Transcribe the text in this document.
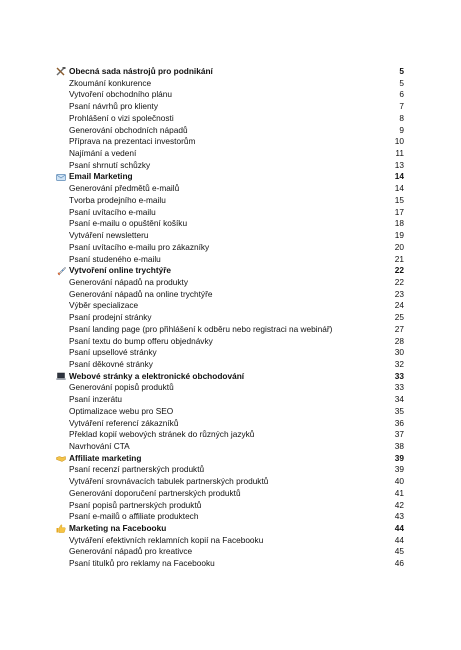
Obecná sada nástrojů pro podnikání	5
Zkoumání konkurence	5
Vytvoření obchodního plánu	6
Psaní návrhů pro klienty	7
Prohlášení o vizi společnosti	8
Generování obchodních nápadů	9
Příprava na prezentaci investorům	10
Najímání a vedení	11
Psaní shrnutí schůzky	13
Email Marketing	14
Generování předmětů e-mailů	14
Tvorba prodejního e-mailu	15
Psaní uvítacího e-mailu	17
Psaní e-mailu o opuštění košíku	18
Vytváření newsletteru	19
Psaní uvítacího e-mailu pro zákazníky	20
Psaní studeného e-mailu	21
Vytvoření online trychtýře	22
Generování nápadů na produkty	22
Generování nápadů na online trychtýře	23
Výběr specializace	24
Psaní prodejní stránky	25
Psaní landing page (pro přihlášení k odběru nebo registraci na webinář)	27
Psaní textu do bump offeru objednávky	28
Psaní upsellové stránky	30
Psaní děkovné stránky	32
Webové stránky a elektronické obchodování	33
Generování popisů produktů	33
Psaní inzerátu	34
Optimalizace webu pro SEO	35
Vytváření referencí zákazníků	36
Překlad kopií webových stránek do různých jazyků	37
Navrhování CTA	38
Affiliate marketing	39
Psaní recenzí partnerských produktů	39
Vytváření srovnávacích tabulek partnerských produktů	40
Generování doporučení partnerských produktů	41
Psaní popisů partnerských produktů	42
Psaní e-mailů o affiliate produktech	43
Marketing na Facebooku	44
Vytváření efektivních reklamních kopií na Facebooku	44
Generování nápadů pro kreativce	45
Psaní titulků pro reklamy na Facebooku	46
